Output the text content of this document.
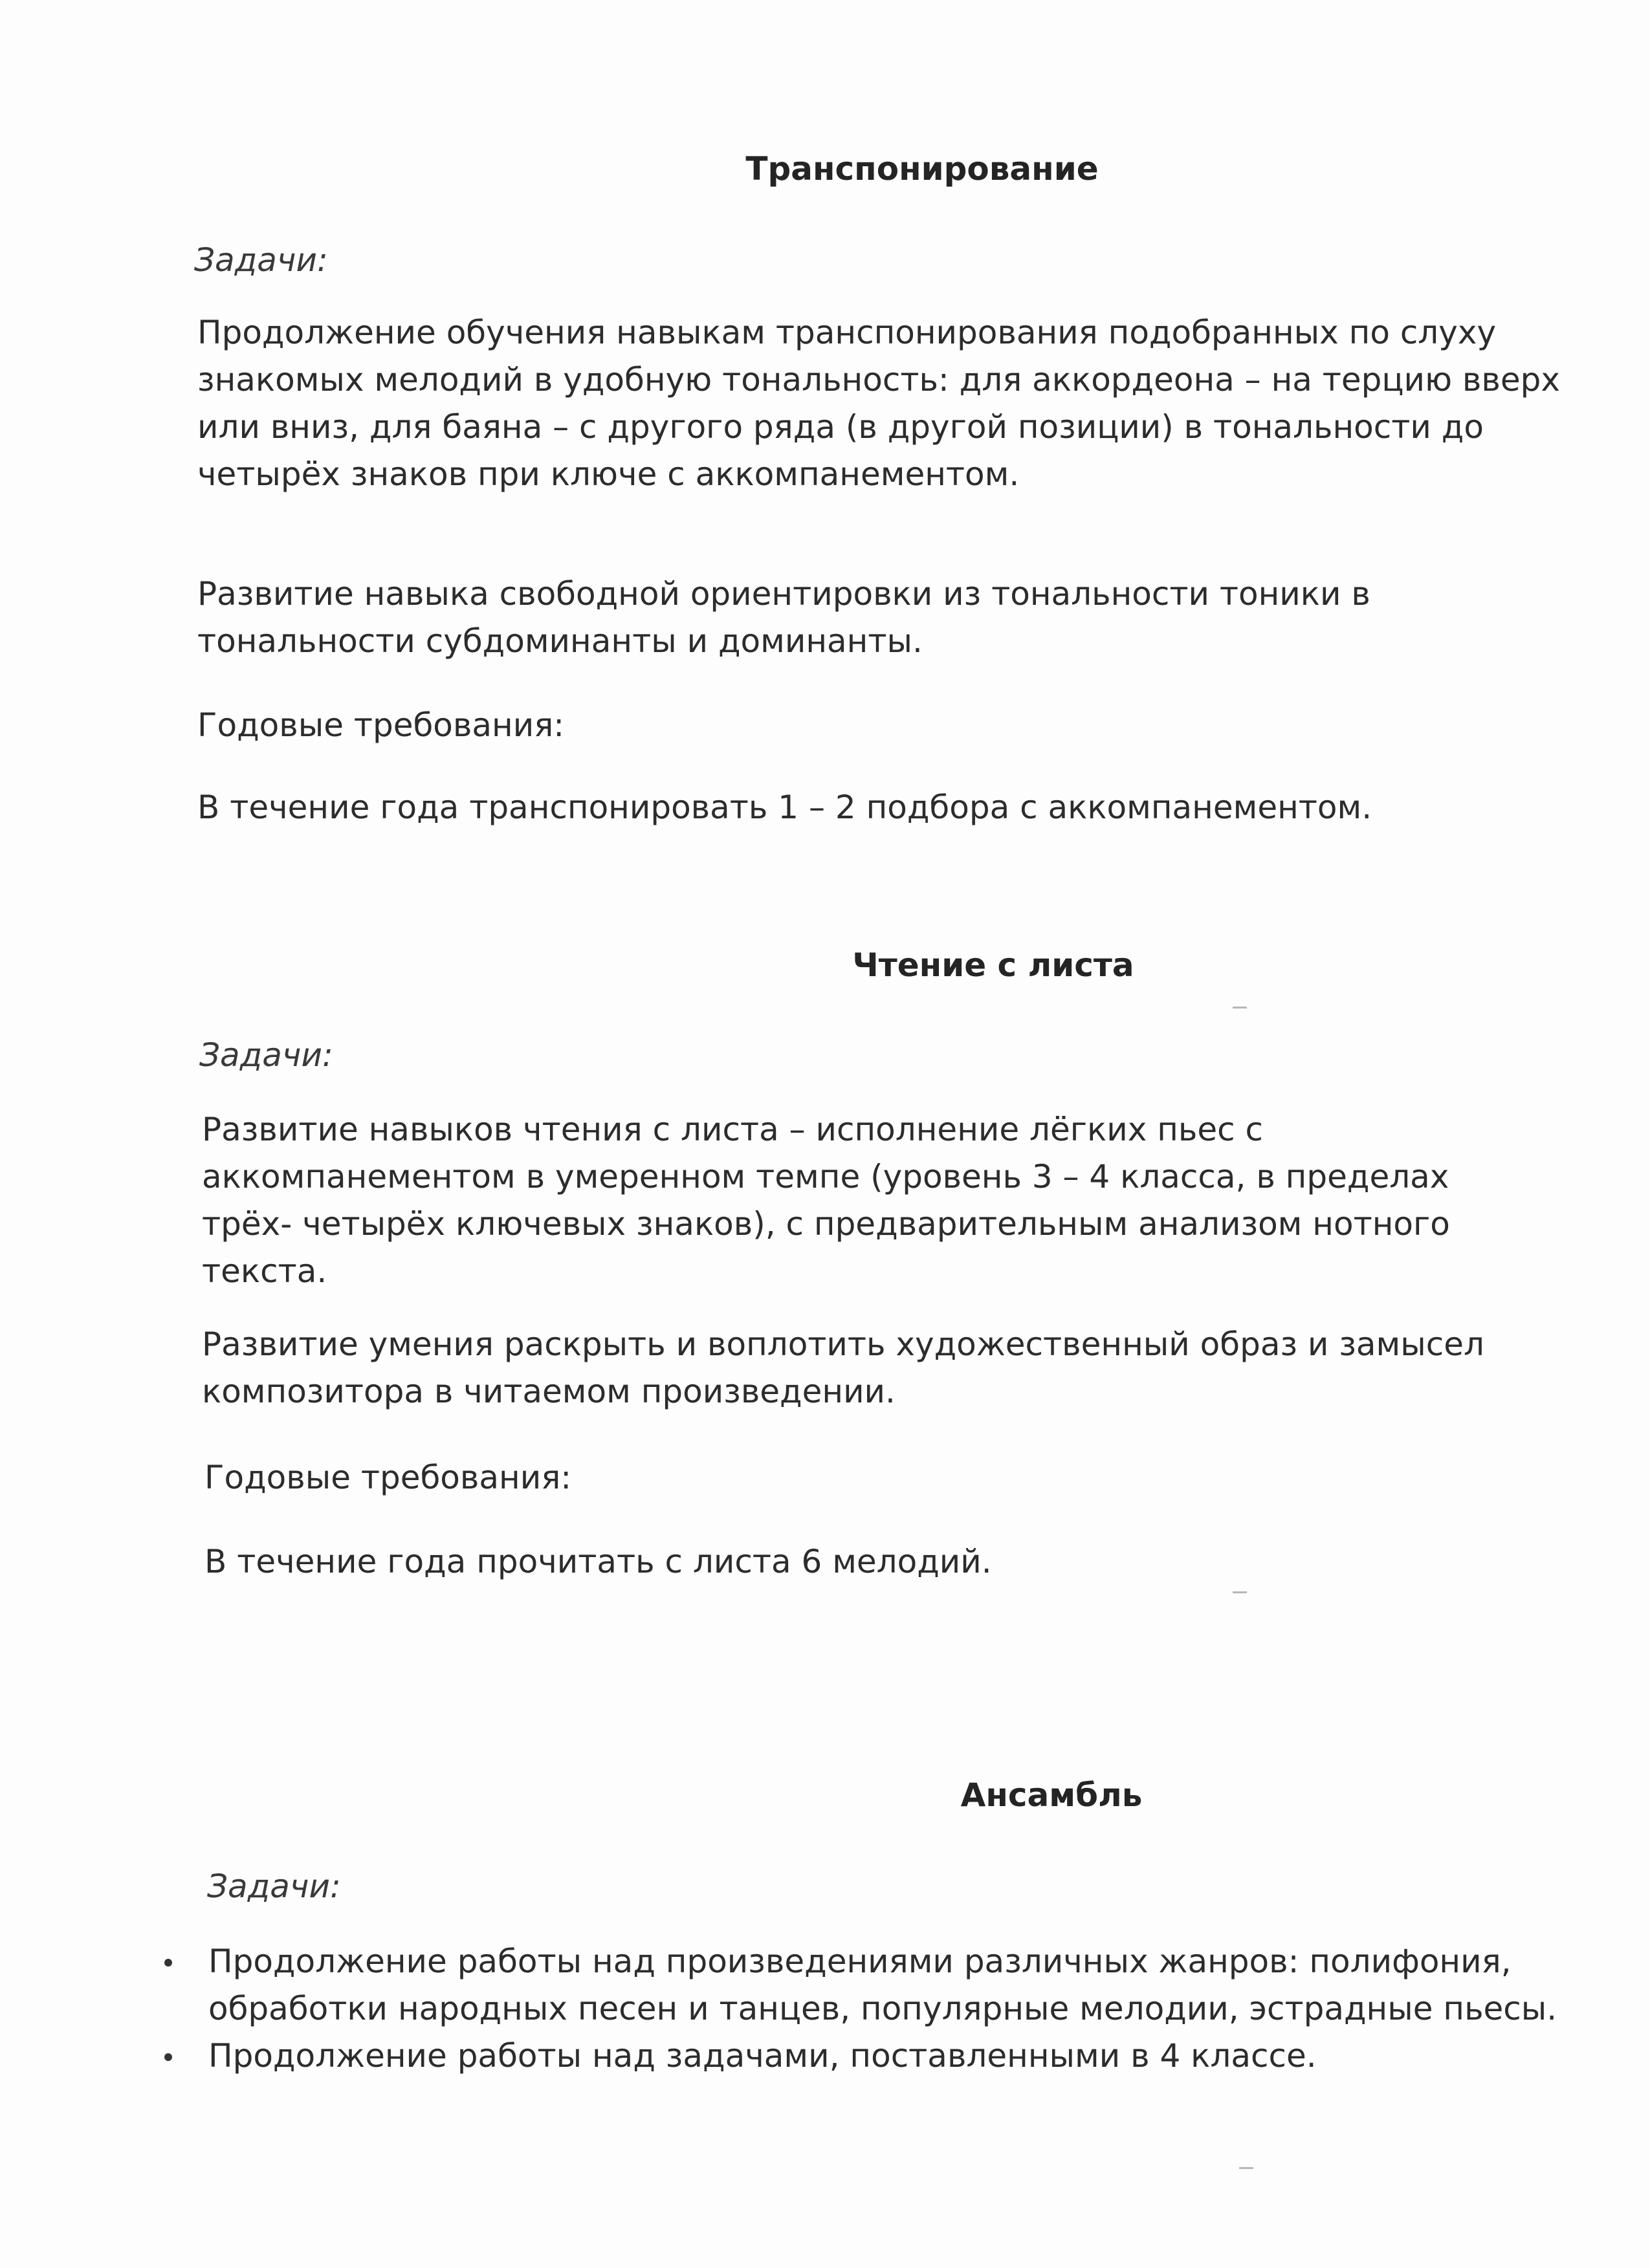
Транспонирование
Задачи:
Продолжение обучения навыкам транспонирования подобранных по слуху знакомых мелодий в удобную тональность: для аккордеона – на терцию вверх или вниз, для баяна – с другого ряда (в другой позиции) в тональности до четырёх знаков при ключе с аккомпанементом.
Развитие навыка свободной ориентировки из тональности тоники в тональности субдоминанты и доминанты.
Годовые требования:
В течение года транспонировать 1 – 2 подбора с аккомпанементом.
Чтение с листа
Задачи:
Развитие навыков чтения с листа – исполнение лёгких пьес с аккомпанементом в умеренном темпе (уровень 3 – 4 класса, в пределах трёх- четырёх ключевых знаков), с предварительным анализом нотного текста.
Развитие умения раскрыть и воплотить художественный образ и замысел композитора в читаемом произведении.
Годовые требования:
В течение года прочитать с листа 6 мелодий.
Ансамбль
Задачи:
Продолжение работы над произведениями различных жанров: полифония, обработки народных песен и танцев, популярные мелодии, эстрадные пьесы.
Продолжение работы над задачами, поставленными в 4 классе.
